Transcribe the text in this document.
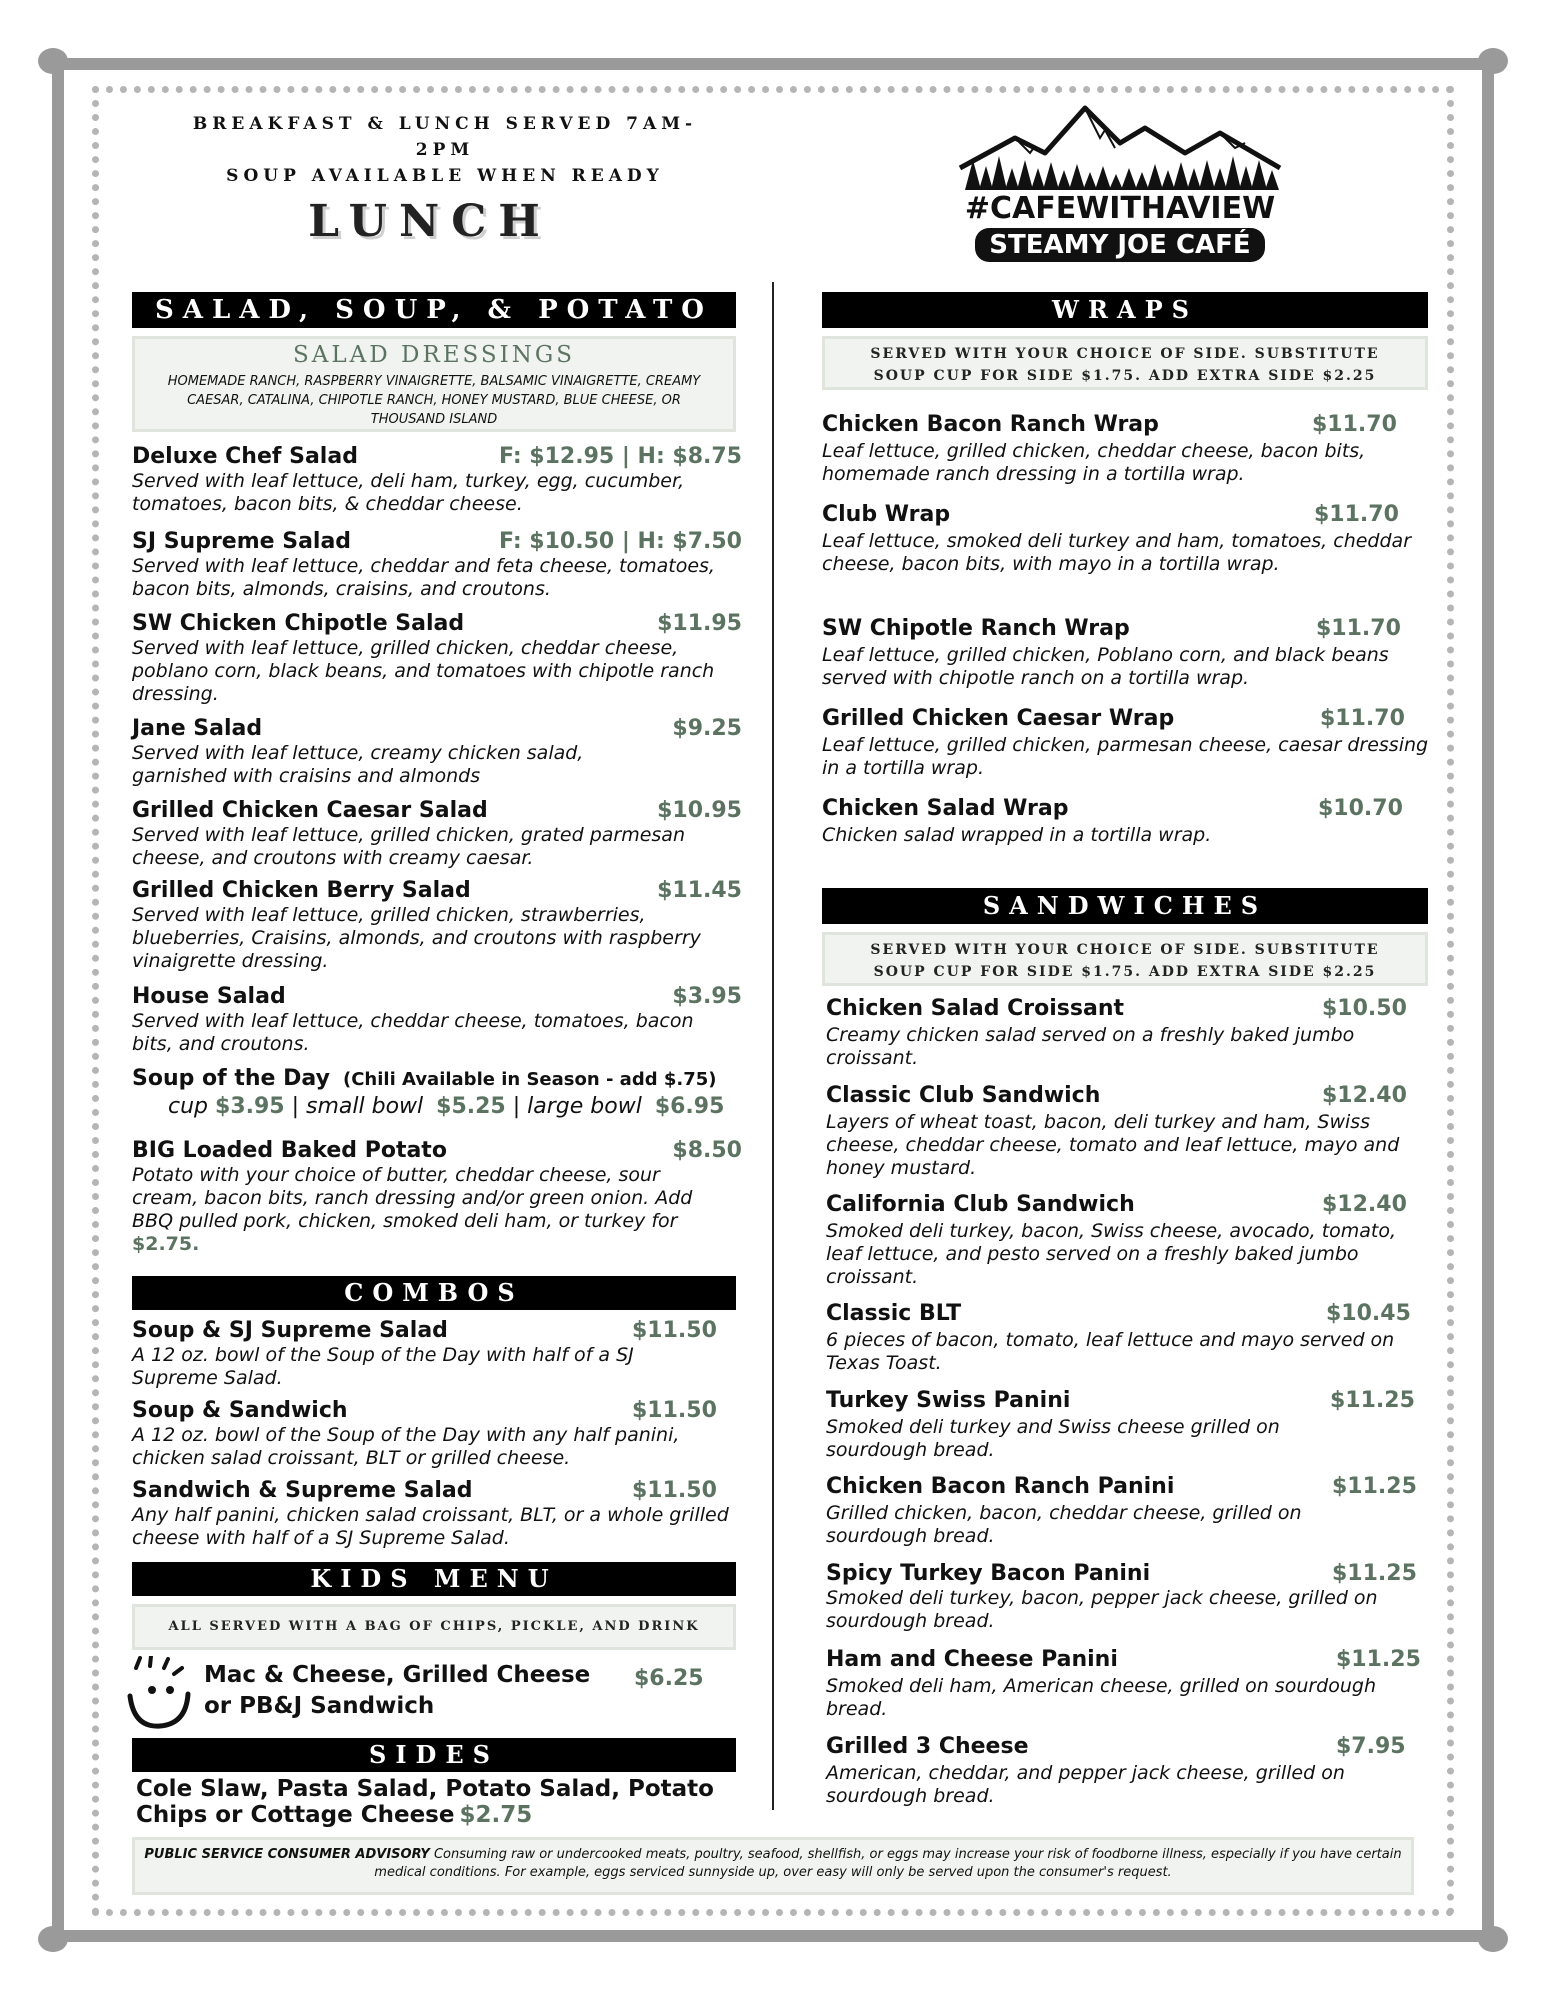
BREAKFAST & LUNCH SERVED 7AM-2PM
SOUP AVAILABLE WHEN READY
LUNCH	#CAFEWITHAVIEW
STEAMY JOE CAFÉ
SALAD, SOUP, & POTATO
SALAD DRESSINGS
HOMEMADE RANCH, RASPBERRY VINAIGRETTE, BALSAMIC VINAIGRETTE, CREAMY CAESAR, CATALINA, CHIPOTLE RANCH, HONEY MUSTARD, BLUE CHEESE, OR THOUSAND ISLAND
Deluxe Chef Salad	F: $12.95 | H: $8.75
Served with leaf lettuce, deli ham, turkey, egg, cucumber, tomatoes, bacon bits, & cheddar cheese.
SJ Supreme Salad	F: $10.50 | H: $7.50
Served with leaf lettuce, cheddar and feta cheese, tomatoes, bacon bits, almonds, craisins, and croutons.
SW Chicken Chipotle Salad	$11.95
Served with leaf lettuce, grilled chicken, cheddar cheese, poblano corn, black beans, and tomatoes with chipotle ranch dressing.
Jane Salad	$9.25
Served with leaf lettuce, creamy chicken salad, garnished with craisins and almonds
Grilled Chicken Caesar Salad	$10.95
Served with leaf lettuce, grilled chicken, grated parmesan cheese, and croutons with creamy caesar.
Grilled Chicken Berry Salad	$11.45
Served with leaf lettuce, grilled chicken, strawberries, blueberries, Craisins, almonds, and croutons with raspberry vinaigrette dressing.
House Salad	$3.95
Served with leaf lettuce, cheddar cheese, tomatoes, bacon bits, and croutons.
Soup of the Day (Chili Available in Season - add $.75)
cup $3.95 | small bowl $5.25 | large bowl $6.95
BIG Loaded Baked Potato	$8.50
Potato with your choice of butter, cheddar cheese, sour cream, bacon bits, ranch dressing and/or green onion. Add BBQ pulled pork, chicken, smoked deli ham, or turkey for $2.75.
COMBOS
Soup & SJ Supreme Salad	$11.50
A 12 oz. bowl of the Soup of the Day with half of a SJ Supreme Salad.
Soup & Sandwich	$11.50
A 12 oz. bowl of the Soup of the Day with any half panini, chicken salad croissant, BLT or grilled cheese.
Sandwich & Supreme Salad	$11.50
Any half panini, chicken salad croissant, BLT, or a whole grilled cheese with half of a SJ Supreme Salad.
KIDS MENU
ALL SERVED WITH A BAG OF CHIPS, PICKLE, AND DRINK
Mac & Cheese, Grilled Cheese
or PB&J Sandwich
$6.25
SIDES
Cole Slaw, Pasta Salad, Potato Salad, Potato Chips or Cottage Cheese $2.75
WRAPS
SERVED WITH YOUR CHOICE OF SIDE. SUBSTITUTE SOUP CUP FOR SIDE $1.75. ADD EXTRA SIDE $2.25
Chicken Bacon Ranch Wrap	$11.70
Leaf lettuce, grilled chicken, cheddar cheese, bacon bits, homemade ranch dressing in a tortilla wrap.
Club Wrap	$11.70
Leaf lettuce, smoked deli turkey and ham, tomatoes, cheddar cheese, bacon bits, with mayo in a tortilla wrap.
SW Chipotle Ranch Wrap	$11.70
Leaf lettuce, grilled chicken, Poblano corn, and black beans served with chipotle ranch on a tortilla wrap.
Grilled Chicken Caesar Wrap	$11.70
Leaf lettuce, grilled chicken, parmesan cheese, caesar dressing in a tortilla wrap.
Chicken Salad Wrap	$10.70
Chicken salad wrapped in a tortilla wrap.
SANDWICHES
SERVED WITH YOUR CHOICE OF SIDE. SUBSTITUTE SOUP CUP FOR SIDE $1.75. ADD EXTRA SIDE $2.25
Chicken Salad Croissant	$10.50
Creamy chicken salad served on a freshly baked jumbo croissant.
Classic Club Sandwich	$12.40
Layers of wheat toast, bacon, deli turkey and ham, Swiss cheese, cheddar cheese, tomato and leaf lettuce, mayo and honey mustard.
California Club Sandwich	$12.40
Smoked deli turkey, bacon, Swiss cheese, avocado, tomato, leaf lettuce, and pesto served on a freshly baked jumbo croissant.
Classic BLT	$10.45
6 pieces of bacon, tomato, leaf lettuce and mayo served on Texas Toast.
Turkey Swiss Panini	$11.25
Smoked deli turkey and Swiss cheese grilled on sourdough bread.
Chicken Bacon Ranch Panini	$11.25
Grilled chicken, bacon, cheddar cheese, grilled on sourdough bread.
Spicy Turkey Bacon Panini	$11.25
Smoked deli turkey, bacon, pepper jack cheese, grilled on sourdough bread.
Ham and Cheese Panini	$11.25
Smoked deli ham, American cheese, grilled on sourdough bread.
Grilled 3 Cheese	$7.95
American, cheddar, and pepper jack cheese, grilled on sourdough bread.
PUBLIC SERVICE CONSUMER ADVISORY Consuming raw or undercooked meats, poultry, seafood, shellfish, or eggs may increase your risk of foodborne illness, especially if you have certain medical conditions. For example, eggs serviced sunnyside up, over easy will only be served upon the consumer's request.
